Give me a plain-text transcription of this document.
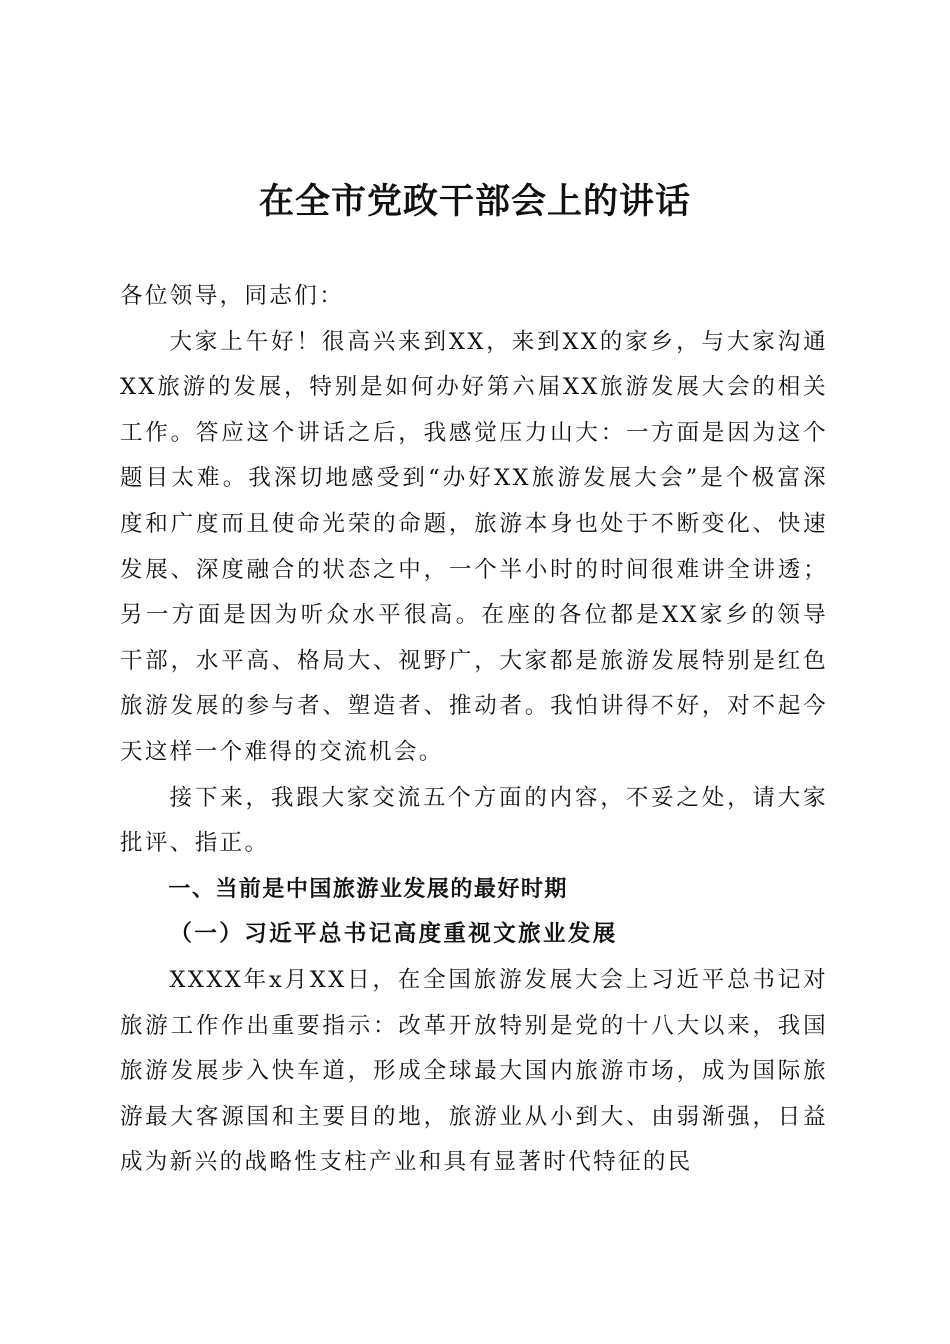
在全市党政干部会上的讲话

各位领导，同志们：

大家上午好！很高兴来到XX，来到XX的家乡，与大家沟通XX旅游的发展，特别是如何办好第六届XX旅游发展大会的相关工作。答应这个讲话之后，我感觉压力山大：一方面是因为这个题目太难。我深切地感受到“办好XX旅游发展大会”是个极富深度和广度而且使命光荣的命题，旅游本身也处于不断变化、快速发展、深度融合的状态之中，一个半小时的时间很难讲全讲透；另一方面是因为听众水平很高。在座的各位都是XX家乡的领导干部，水平高、格局大、视野广，大家都是旅游发展特别是红色旅游发展的参与者、塑造者、推动者。我怕讲得不好，对不起今天这样一个难得的交流机会。

接下来，我跟大家交流五个方面的内容，不妥之处，请大家批评、指正。

一、当前是中国旅游业发展的最好时期

（一）习近平总书记高度重视文旅业发展

XXXX年x月XX日，在全国旅游发展大会上习近平总书记对旅游工作作出重要指示：改革开放特别是党的十八大以来，我国旅游发展步入快车道，形成全球最大国内旅游市场，成为国际旅游最大客源国和主要目的地，旅游业从小到大、由弱渐强，日益成为新兴的战略性支柱产业和具有显著时代特征的民
